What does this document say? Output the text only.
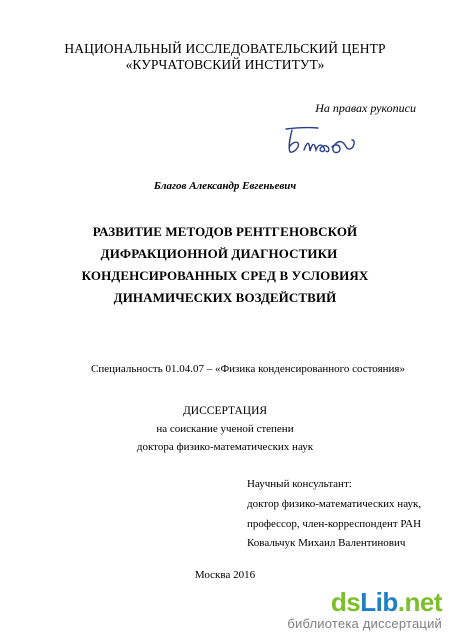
НАЦИОНАЛЬНЫЙ ИССЛЕДОВАТЕЛЬСКИЙ ЦЕНТР
«КУРЧАТОВСКИЙ ИНСТИТУТ»
На правах рукописи
Благов Александр Евгеньевич
РАЗВИТИЕ МЕТОДОВ РЕНТГЕНОВСКОЙ
ДИФРАКЦИОННОЙ ДИАГНОСТИКИ
КОНДЕНСИРОВАННЫХ СРЕД В УСЛОВИЯХ
ДИНАМИЧЕСКИХ ВОЗДЕЙСТВИЙ
Специальность 01.04.07 – «Физика конденсированного состояния»
ДИССЕРТАЦИЯ
на соискание ученой степени
доктора физико-математических наук
Научный консультант:
доктор физико-математических наук,
профессор, член-корреспондент РАН
Ковальчук Михаил Валентинович
Москва 2016
dsLib.net
библиотека диссертаций
